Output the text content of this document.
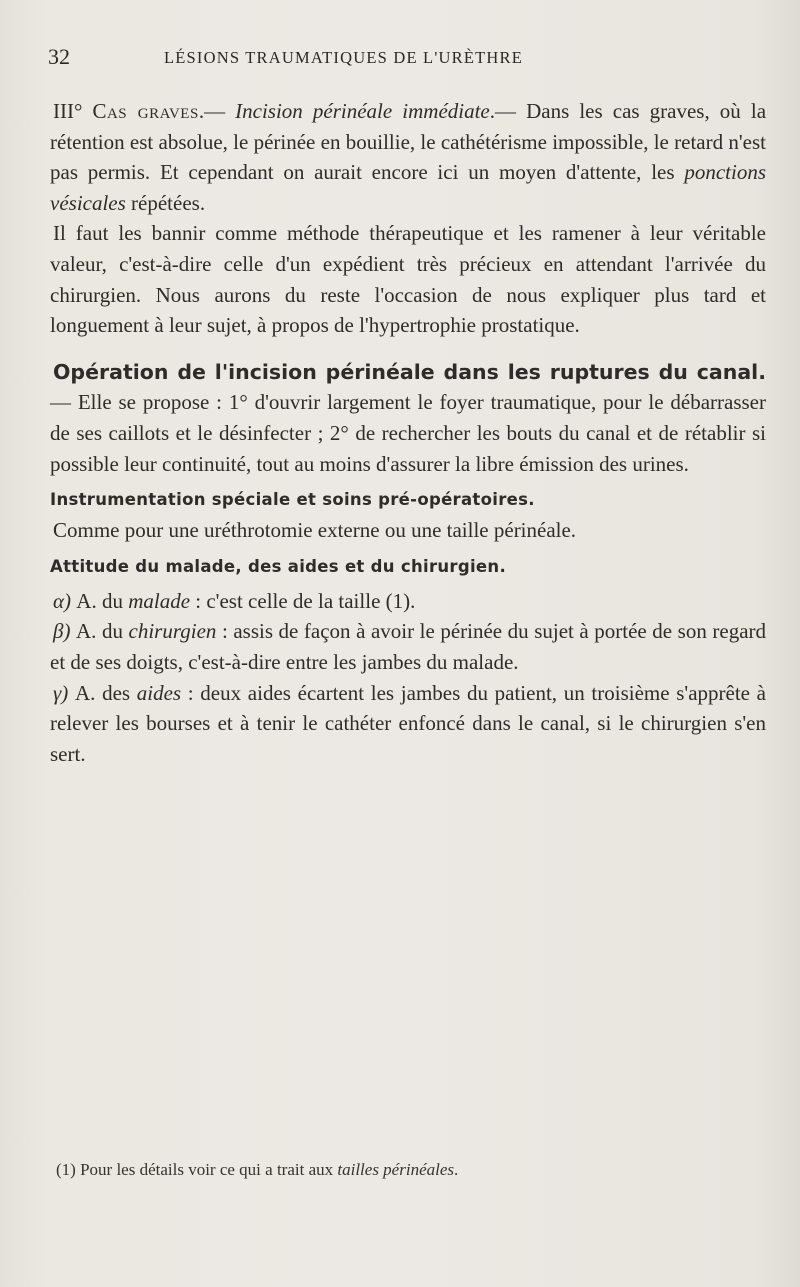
32	LÉSIONS TRAUMATIQUES DE L'URÈTHRE

III° Cas graves.— Incision périnéale immédiate.— Dans les cas graves, où la rétention est absolue, le périnée en bouillie, le cathétérisme impossible, le retard n'est pas permis. Et cependant on aurait encore ici un moyen d'attente, les ponctions vésicales répétées.

Il faut les bannir comme méthode thérapeutique et les ramener à leur véritable valeur, c'est-à-dire celle d'un expédient très précieux en attendant l'arrivée du chirurgien. Nous aurons du reste l'occasion de nous expliquer plus tard et longuement à leur sujet, à propos de l'hypertrophie prostatique.

Opération de l'incision périnéale dans les ruptures du canal. — Elle se propose : 1° d'ouvrir largement le foyer traumatique, pour le débarrasser de ses caillots et le désinfecter ; 2° de rechercher les bouts du canal et de rétablir si possible leur continuité, tout au moins d'assurer la libre émission des urines.

Instrumentation spéciale et soins pré-opératoires.

Comme pour une uréthrotomie externe ou une taille périnéale.

Attitude du malade, des aides et du chirurgien.

α) A. du malade : c'est celle de la taille (1).

β) A. du chirurgien : assis de façon à avoir le périnée du sujet à portée de son regard et de ses doigts, c'est-à-dire entre les jambes du malade.

γ) A. des aides : deux aides écartent les jambes du patient, un troisième s'apprête à relever les bourses et à tenir le cathéter enfoncé dans le canal, si le chirurgien s'en sert.

(1) Pour les détails voir ce qui a trait aux tailles périnéales.
